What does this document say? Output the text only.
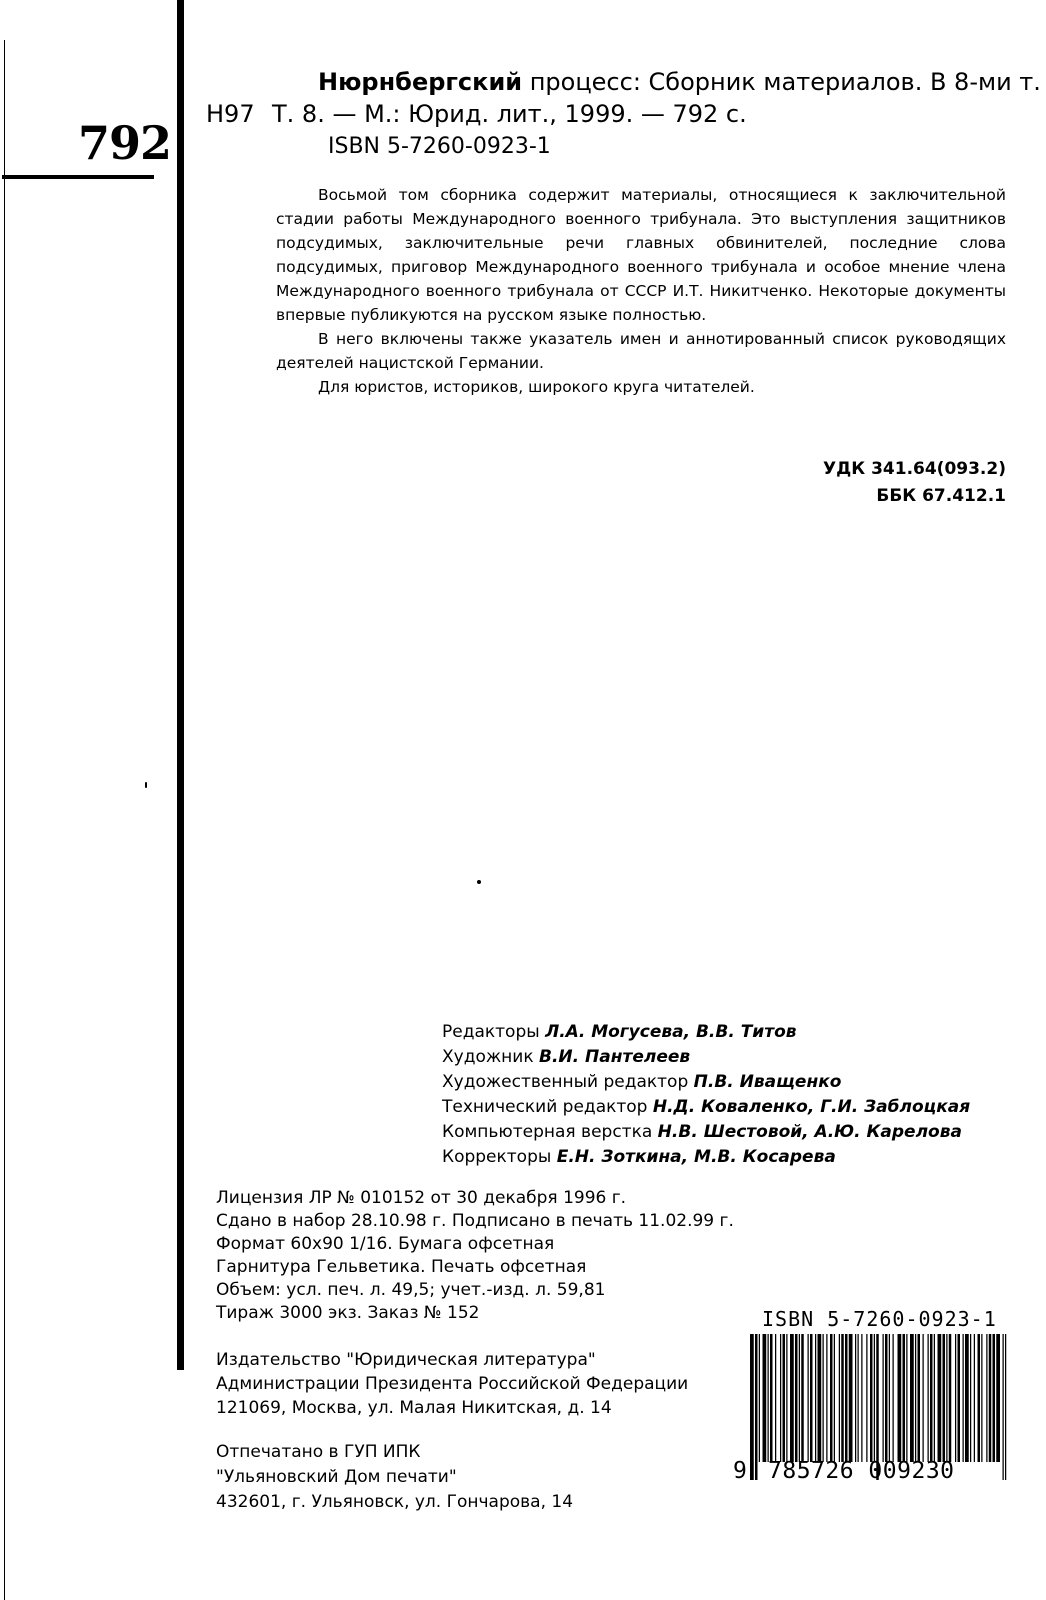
792
Нюрнбергский процесс: Сборник материалов. В 8-ми т.
Н97 Т. 8. — М.: Юрид. лит., 1999. — 792 с.
ISBN 5-7260-0923-1

Восьмой том сборника содержит материалы, относящиеся к заключительной стадии работы Международного военного трибунала. Это выступления защитников подсудимых, заключительные речи главных обвинителей, последние слова подсудимых, приговор Международного военного трибунала и особое мнение члена Международного военного трибунала от СССР И.Т. Никитченко. Некоторые документы впервые публикуются на русском языке полностью.

В него включены также указатель имен и аннотированный список руководящих деятелей нацистской Германии.

Для юристов, историков, широкого круга читателей.

УДК 341.64(093.2)
ББК 67.412.1
Редакторы Л.А. Могусева, В.В. Титов
Художник В.И. Пантелеев
Художественный редактор П.В. Иващенко
Технический редактор Н.Д. Коваленко, Г.И. Заблоцкая
Компьютерная верстка Н.В. Шестовой, А.Ю. Карелова
Корректоры Е.Н. Зоткина, М.В. Косарева
Лицензия ЛР № 010152 от 30 декабря 1996 г.
Сдано в набор 28.10.98 г. Подписано в печать 11.02.99 г.
Формат 60x90 1/16. Бумага офсетная
Гарнитура Гельветика. Печать офсетная
Объем: усл. печ. л. 49,5; учет.-изд. л. 59,81
Тираж 3000 экз. Заказ № 152
Издательство "Юридическая литература"
Администрации Президента Российской Федерации
121069, Москва, ул. Малая Никитская, д. 14
Отпечатано в ГУП ИПК
"Ульяновский Дом печати"
432601, г. Ульяновск, ул. Гончарова, 14
ISBN 5-7260-0923-1
9 785726 009230
